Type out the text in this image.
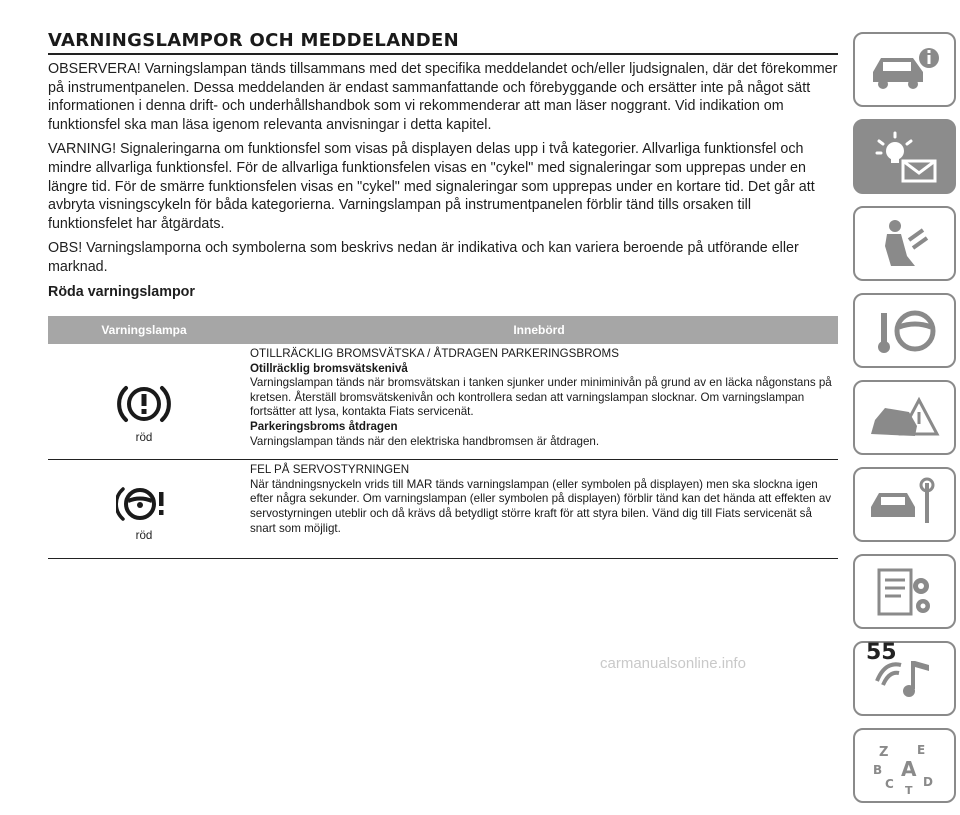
VARNINGSLAMPOR OCH MEDDELANDEN

OBSERVERA! Varningslampan tänds tillsammans med det specifika meddelandet och/eller ljudsignalen, där det förekommer på instrumentpanelen. Dessa meddelanden är endast sammanfattande och förebyggande och ersätter inte på något sätt informationen i denna drift- och underhållshandbok som vi rekommenderar att man läser noggrant. Vid indikation om funktionsfel ska man läsa igenom relevanta anvisningar i detta kapitel.

VARNING! Signaleringarna om funktionsfel som visas på displayen delas upp i två kategorier. Allvarliga funktionsfel och mindre allvarliga funktionsfel. För de allvarliga funktionsfelen visas en "cykel" med signaleringar som upprepas under en längre tid. För de smärre funktionsfelen visas en "cykel" med signaleringar som upprepas under en kortare tid. Det går att avbryta visningscykeln för båda kategorierna. Varningslampan på instrumentpanelen förblir tänd tills orsaken till funktionsfelet har åtgärdats.

OBS! Varningslamporna och symbolerna som beskrivs nedan är indikativa och kan variera beroende på utförande eller marknad.

Röda varningslampor

Varningslampa	Innebörd

röd	OTILLRÄCKLIG BROMSVÄTSKA / ÅTDRAGEN PARKERINGSBROMS
Otillräcklig bromsvätskenivå
Varningslampan tänds när bromsvätskan i tanken sjunker under miniminivån på grund av en läcka någonstans på kretsen. Återställ bromsvätskenivån och kontrollera sedan att varningslampan slocknar. Om varningslampan fortsätter att lysa, kontakta Fiats servicenät.
Parkeringsbroms åtdragen
Varningslampan tänds när den elektriska handbromsen är åtdragen.

röd	FEL PÅ SERVOSTYRNINGEN
När tändningsnyckeln vrids till MAR tänds varningslampan (eller symbolen på displayen) men ska slockna igen efter några sekunder. Om varningslampan (eller symbolen på displayen) förblir tänd kan det hända att effekten av servostyrningen uteblir och då krävs då betydligt större kraft för att styra bilen. Vänd dig till Fiats servicenät så snart som möjligt.
Z E
B A
C D
T
55
carmanualsonline.info
